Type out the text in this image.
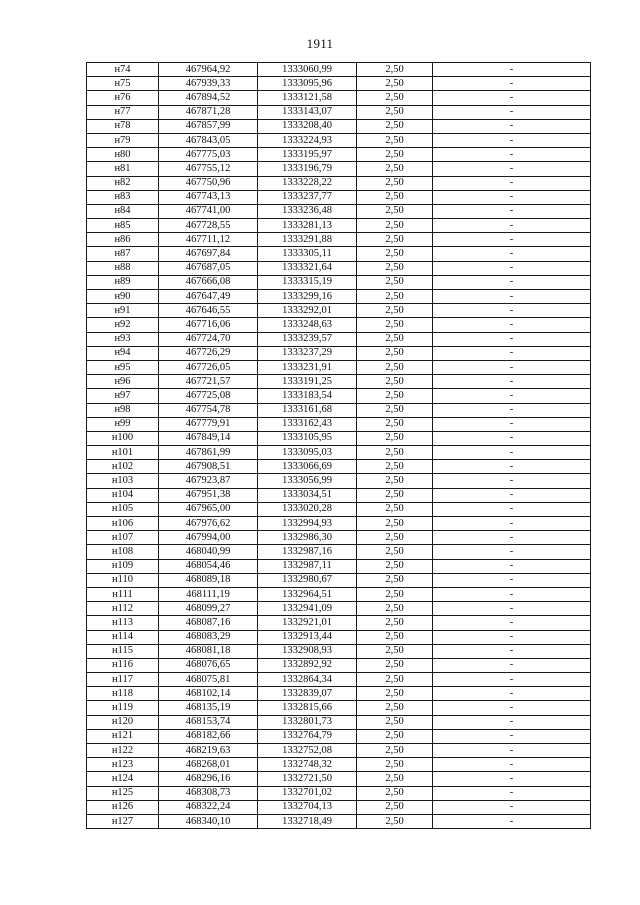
1911
н74	467964,92	1333060,99	2,50	-
н75	467939,33	1333095,96	2,50	-
н76	467894,52	1333121,58	2,50	-
н77	467871,28	1333143,07	2,50	-
н78	467857,99	1333208,40	2,50	-
н79	467843,05	1333224,93	2,50	-
н80	467775,03	1333195,97	2,50	-
н81	467755,12	1333196,79	2,50	-
н82	467750,96	1333228,22	2,50	-
н83	467743,13	1333237,77	2,50	-
н84	467741,00	1333236,48	2,50	-
н85	467728,55	1333281,13	2,50	-
н86	467711,12	1333291,88	2,50	-
н87	467697,84	1333305,11	2,50	-
н88	467687,05	1333321,64	2,50	-
н89	467666,08	1333315,19	2,50	-
н90	467647,49	1333299,16	2,50	-
н91	467646,55	1333292,01	2,50	-
н92	467716,06	1333248,63	2,50	-
н93	467724,70	1333239,57	2,50	-
н94	467726,29	1333237,29	2,50	-
н95	467726,05	1333231,91	2,50	-
н96	467721,57	1333191,25	2,50	-
н97	467725,08	1333183,54	2,50	-
н98	467754,78	1333161,68	2,50	-
н99	467779,91	1333162,43	2,50	-
н100	467849,14	1333105,95	2,50	-
н101	467861,99	1333095,03	2,50	-
н102	467908,51	1333066,69	2,50	-
н103	467923,87	1333056,99	2,50	-
н104	467951,38	1333034,51	2,50	-
н105	467965,00	1333020,28	2,50	-
н106	467976,62	1332994,93	2,50	-
н107	467994,00	1332986,30	2,50	-
н108	468040,99	1332987,16	2,50	-
н109	468054,46	1332987,11	2,50	-
н110	468089,18	1332980,67	2,50	-
н111	468111,19	1332964,51	2,50	-
н112	468099,27	1332941,09	2,50	-
н113	468087,16	1332921,01	2,50	-
н114	468083,29	1332913,44	2,50	-
н115	468081,18	1332908,93	2,50	-
н116	468076,65	1332892,92	2,50	-
н117	468075,81	1332864,34	2,50	-
н118	468102,14	1332839,07	2,50	-
н119	468135,19	1332815,66	2,50	-
н120	468153,74	1332801,73	2,50	-
н121	468182,66	1332764,79	2,50	-
н122	468219,63	1332752,08	2,50	-
н123	468268,01	1332748,32	2,50	-
н124	468296,16	1332721,50	2,50	-
н125	468308,73	1332701,02	2,50	-
н126	468322,24	1332704,13	2,50	-
н127	468340,10	1332718,49	2,50	-
